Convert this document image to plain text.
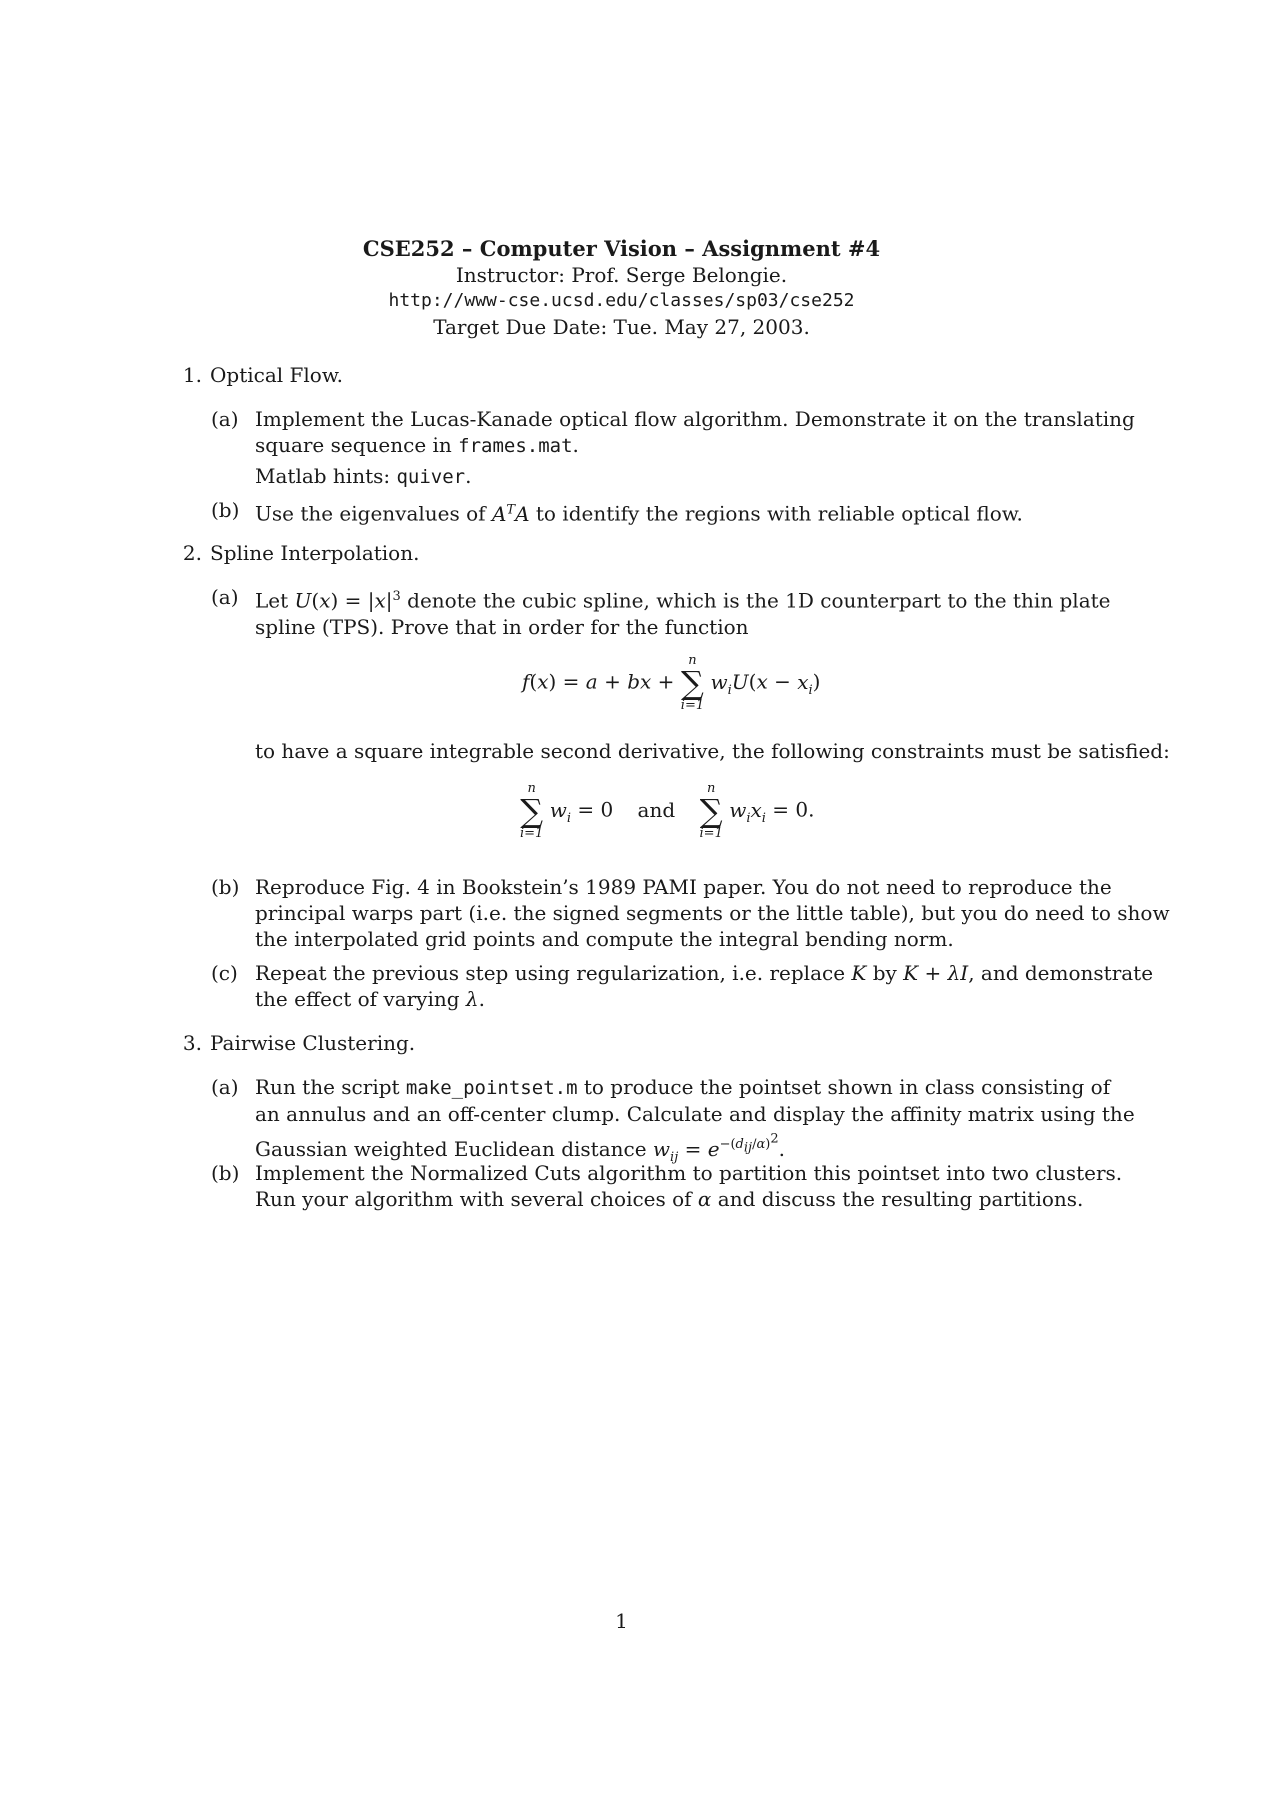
CSE252 – Computer Vision – Assignment #4
Instructor: Prof. Serge Belongie.
http://www-cse.ucsd.edu/classes/sp03/cse252
Target Due Date: Tue. May 27, 2003.
1. Optical Flow.
(a) Implement the Lucas-Kanade optical flow algorithm. Demonstrate it on the translating
square sequence in frames.mat.
Matlab hints: quiver.
(b) Use the eigenvalues of $A^TA$ to identify the regions with reliable optical flow.
2. Spline Interpolation.
(a) Let $U(x) = |x|^3$ denote the cubic spline, which is the 1D counterpart to the thin plate
spline (TPS). Prove that in order for the function
f(x) = a + bx +
n
∑
i=1
$w_iU(x - x_i)$
to have a square integrable second derivative, the following constraints must be satisfied:
n
∑
i=1
$w_i = 0$ and
n
∑
i=1
$w_ix_i = 0$.
(b) Reproduce Fig. 4 in Bookstein’s 1989 PAMI paper. You do not need to reproduce the
principal warps part (i.e. the signed segments or the little table), but you do need to show
the interpolated grid points and compute the integral bending norm.
(c) Repeat the previous step using regularization, i.e. replace K by K + λI, and demonstrate
the effect of varying λ.
3. Pairwise Clustering.
(a) Run the script make_pointset.m to produce the pointset shown in class consisting of
an annulus and an off-center clump. Calculate and display the affinity matrix using the
Gaussian weighted Euclidean distance $w_{ij} = e^{-(d_{ij}/\alpha)^2}$.
(b) Implement the Normalized Cuts algorithm to partition this pointset into two clusters.
Run your algorithm with several choices of α and discuss the resulting partitions.
1
